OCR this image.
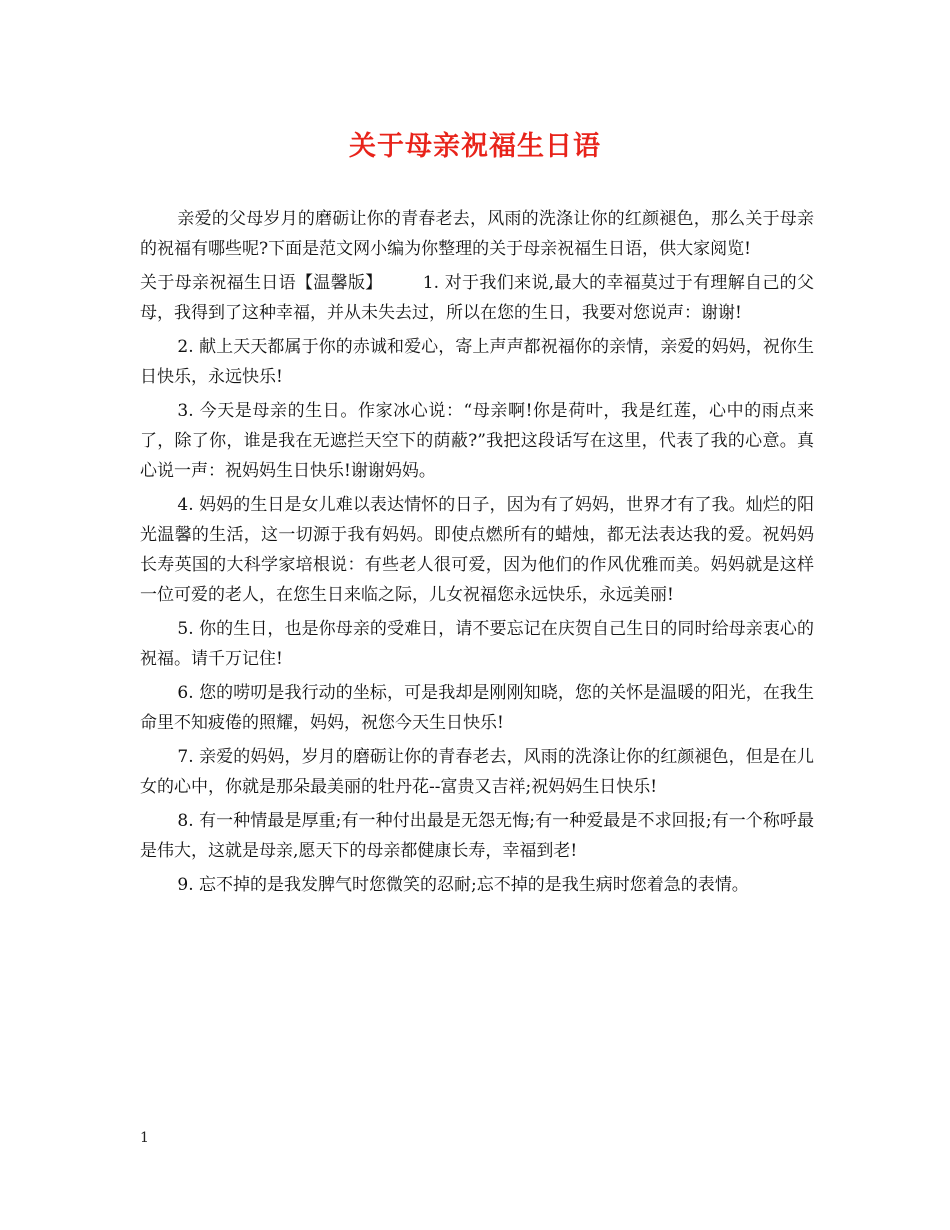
关于母亲祝福生日语

亲爱的父母岁月的磨砺让你的青春老去，风雨的洗涤让你的红颜褪色，那么关于母亲的祝福有哪些呢?下面是范文网小编为你整理的关于母亲祝福生日语，供大家阅览!

关于母亲祝福生日语【温馨版】 1. 对于我们来说,最大的幸福莫过于有理解自己的父母，我得到了这种幸福，并从未失去过，所以在您的生日，我要对您说声：谢谢!

2. 献上天天都属于你的赤诚和爱心，寄上声声都祝福你的亲情，亲爱的妈妈，祝你生日快乐，永远快乐!

3. 今天是母亲的生日。作家冰心说：“母亲啊!你是荷叶，我是红莲，心中的雨点来了，除了你，谁是我在无遮拦天空下的荫蔽?”我把这段话写在这里，代表了我的心意。真心说一声：祝妈妈生日快乐!谢谢妈妈。

4. 妈妈的生日是女儿难以表达情怀的日子，因为有了妈妈，世界才有了我。灿烂的阳光温馨的生活，这一切源于我有妈妈。即使点燃所有的蜡烛，都无法表达我的爱。祝妈妈长寿英国的大科学家培根说：有些老人很可爱，因为他们的作风优雅而美。妈妈就是这样一位可爱的老人，在您生日来临之际，儿女祝福您永远快乐，永远美丽!

5. 你的生日，也是你母亲的受难日，请不要忘记在庆贺自己生日的同时给母亲衷心的祝福。请千万记住!

6. 您的唠叨是我行动的坐标，可是我却是刚刚知晓，您的关怀是温暖的阳光，在我生命里不知疲倦的照耀，妈妈，祝您今天生日快乐!

7. 亲爱的妈妈，岁月的磨砺让你的青春老去，风雨的洗涤让你的红颜褪色，但是在儿女的心中，你就是那朵最美丽的牡丹花--富贵又吉祥;祝妈妈生日快乐!

8. 有一种情最是厚重;有一种付出最是无怨无悔;有一种爱最是不求回报;有一个称呼最是伟大，这就是母亲,愿天下的母亲都健康长寿，幸福到老!

9. 忘不掉的是我发脾气时您微笑的忍耐;忘不掉的是我生病时您着急的表情。

1
